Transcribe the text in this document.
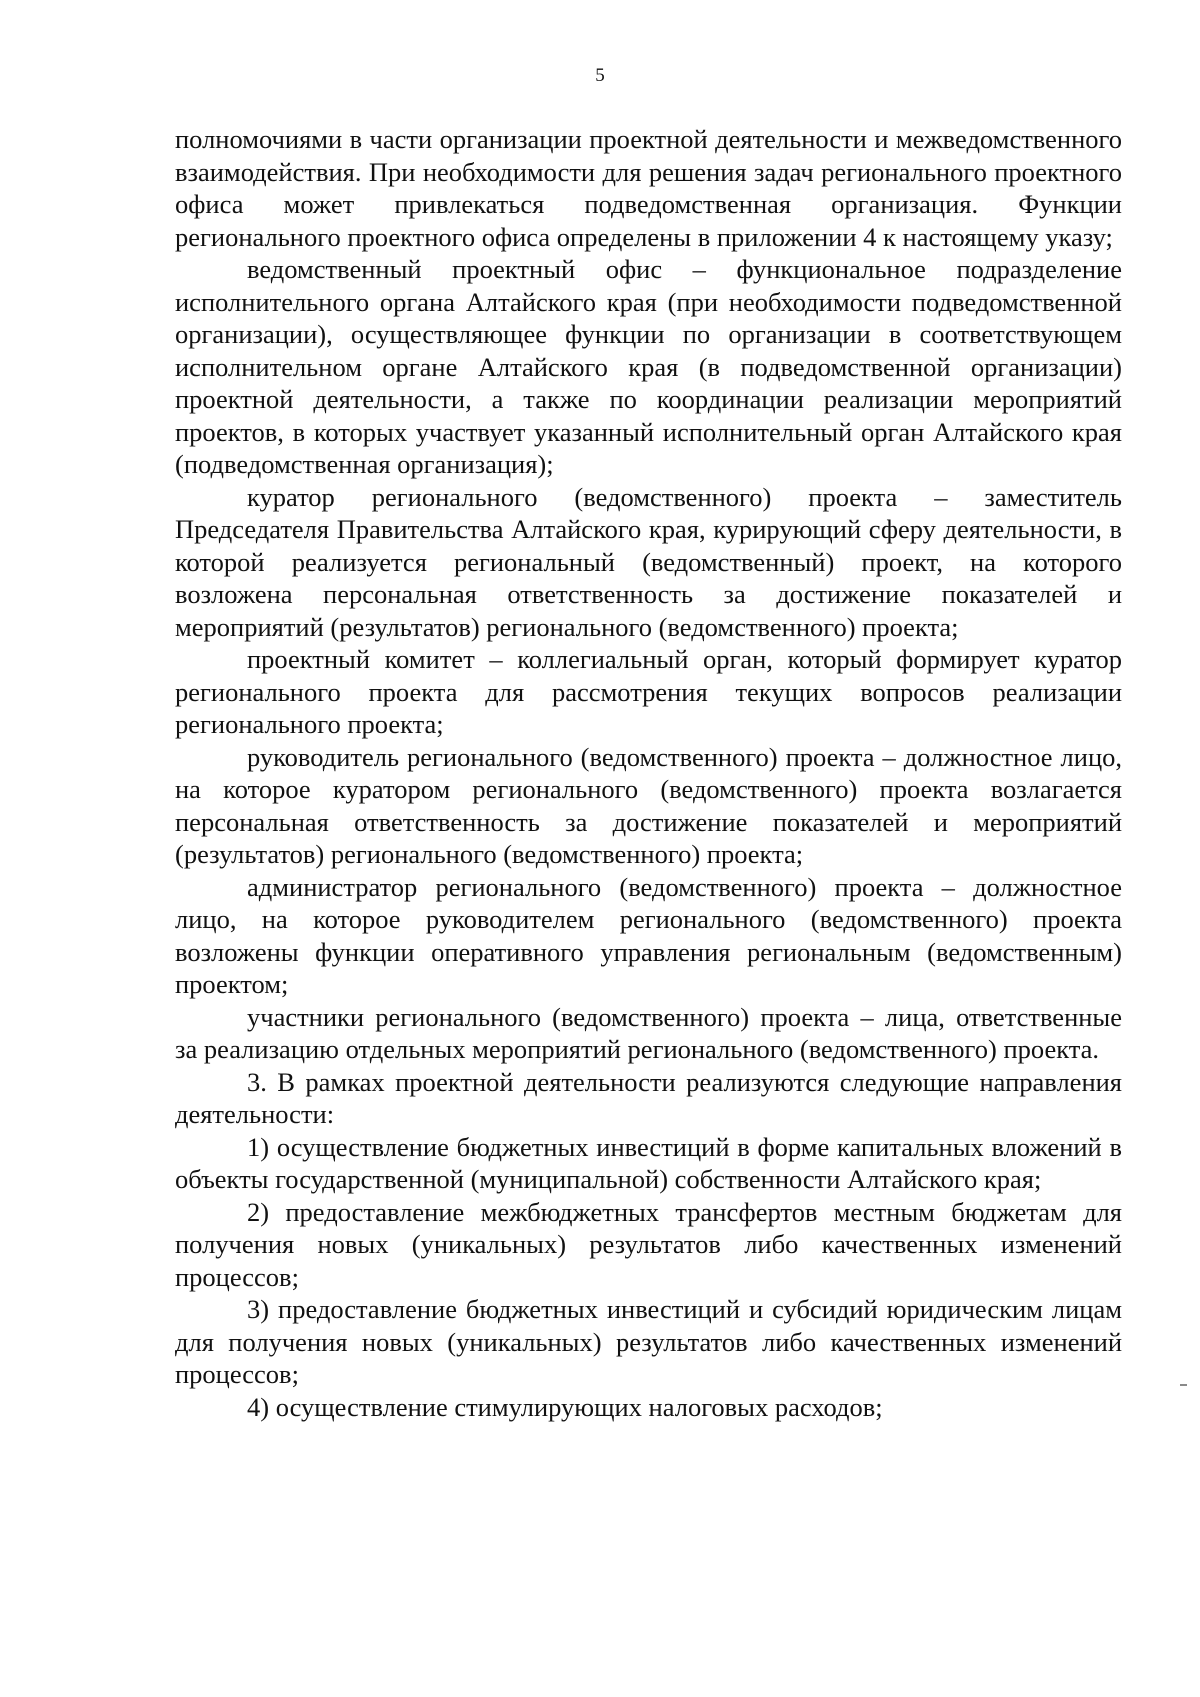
5

полномочиями в части организации проектной деятельности и межведомственного взаимодействия. При необходимости для решения задач регионального проектного офиса может привлекаться подведомственная организация. Функции регионального проектного офиса определены в приложении 4 к настоящему указу;

ведомственный проектный офис – функциональное подразделение исполнительного органа Алтайского края (при необходимости подведомственной организации), осуществляющее функции по организации в соответствующем исполнительном органе Алтайского края (в подведомственной организации) проектной деятельности, а также по координации реализации мероприятий проектов, в которых участвует указанный исполнительный орган Алтайского края (подведомственная организация);

куратор регионального (ведомственного) проекта – заместитель Председателя Правительства Алтайского края, курирующий сферу деятельности, в которой реализуется региональный (ведомственный) проект, на которого возложена персональная ответственность за достижение показателей и мероприятий (результатов) регионального (ведомственного) проекта;

проектный комитет – коллегиальный орган, который формирует куратор регионального проекта для рассмотрения текущих вопросов реализации регионального проекта;

руководитель регионального (ведомственного) проекта – должностное лицо, на которое куратором регионального (ведомственного) проекта возлагается персональная ответственность за достижение показателей и мероприятий (результатов) регионального (ведомственного) проекта;

администратор регионального (ведомственного) проекта – должностное лицо, на которое руководителем регионального (ведомственного) проекта возложены функции оперативного управления региональным (ведомственным) проектом;

участники регионального (ведомственного) проекта – лица, ответственные за реализацию отдельных мероприятий регионального (ведомственного) проекта.

3. В рамках проектной деятельности реализуются следующие направления деятельности:

1) осуществление бюджетных инвестиций в форме капитальных вложений в объекты государственной (муниципальной) собственности Алтайского края;

2) предоставление межбюджетных трансфертов местным бюджетам для получения новых (уникальных) результатов либо качественных изменений процессов;

3) предоставление бюджетных инвестиций и субсидий юридическим лицам для получения новых (уникальных) результатов либо качественных изменений процессов;

4) осуществление стимулирующих налоговых расходов;
